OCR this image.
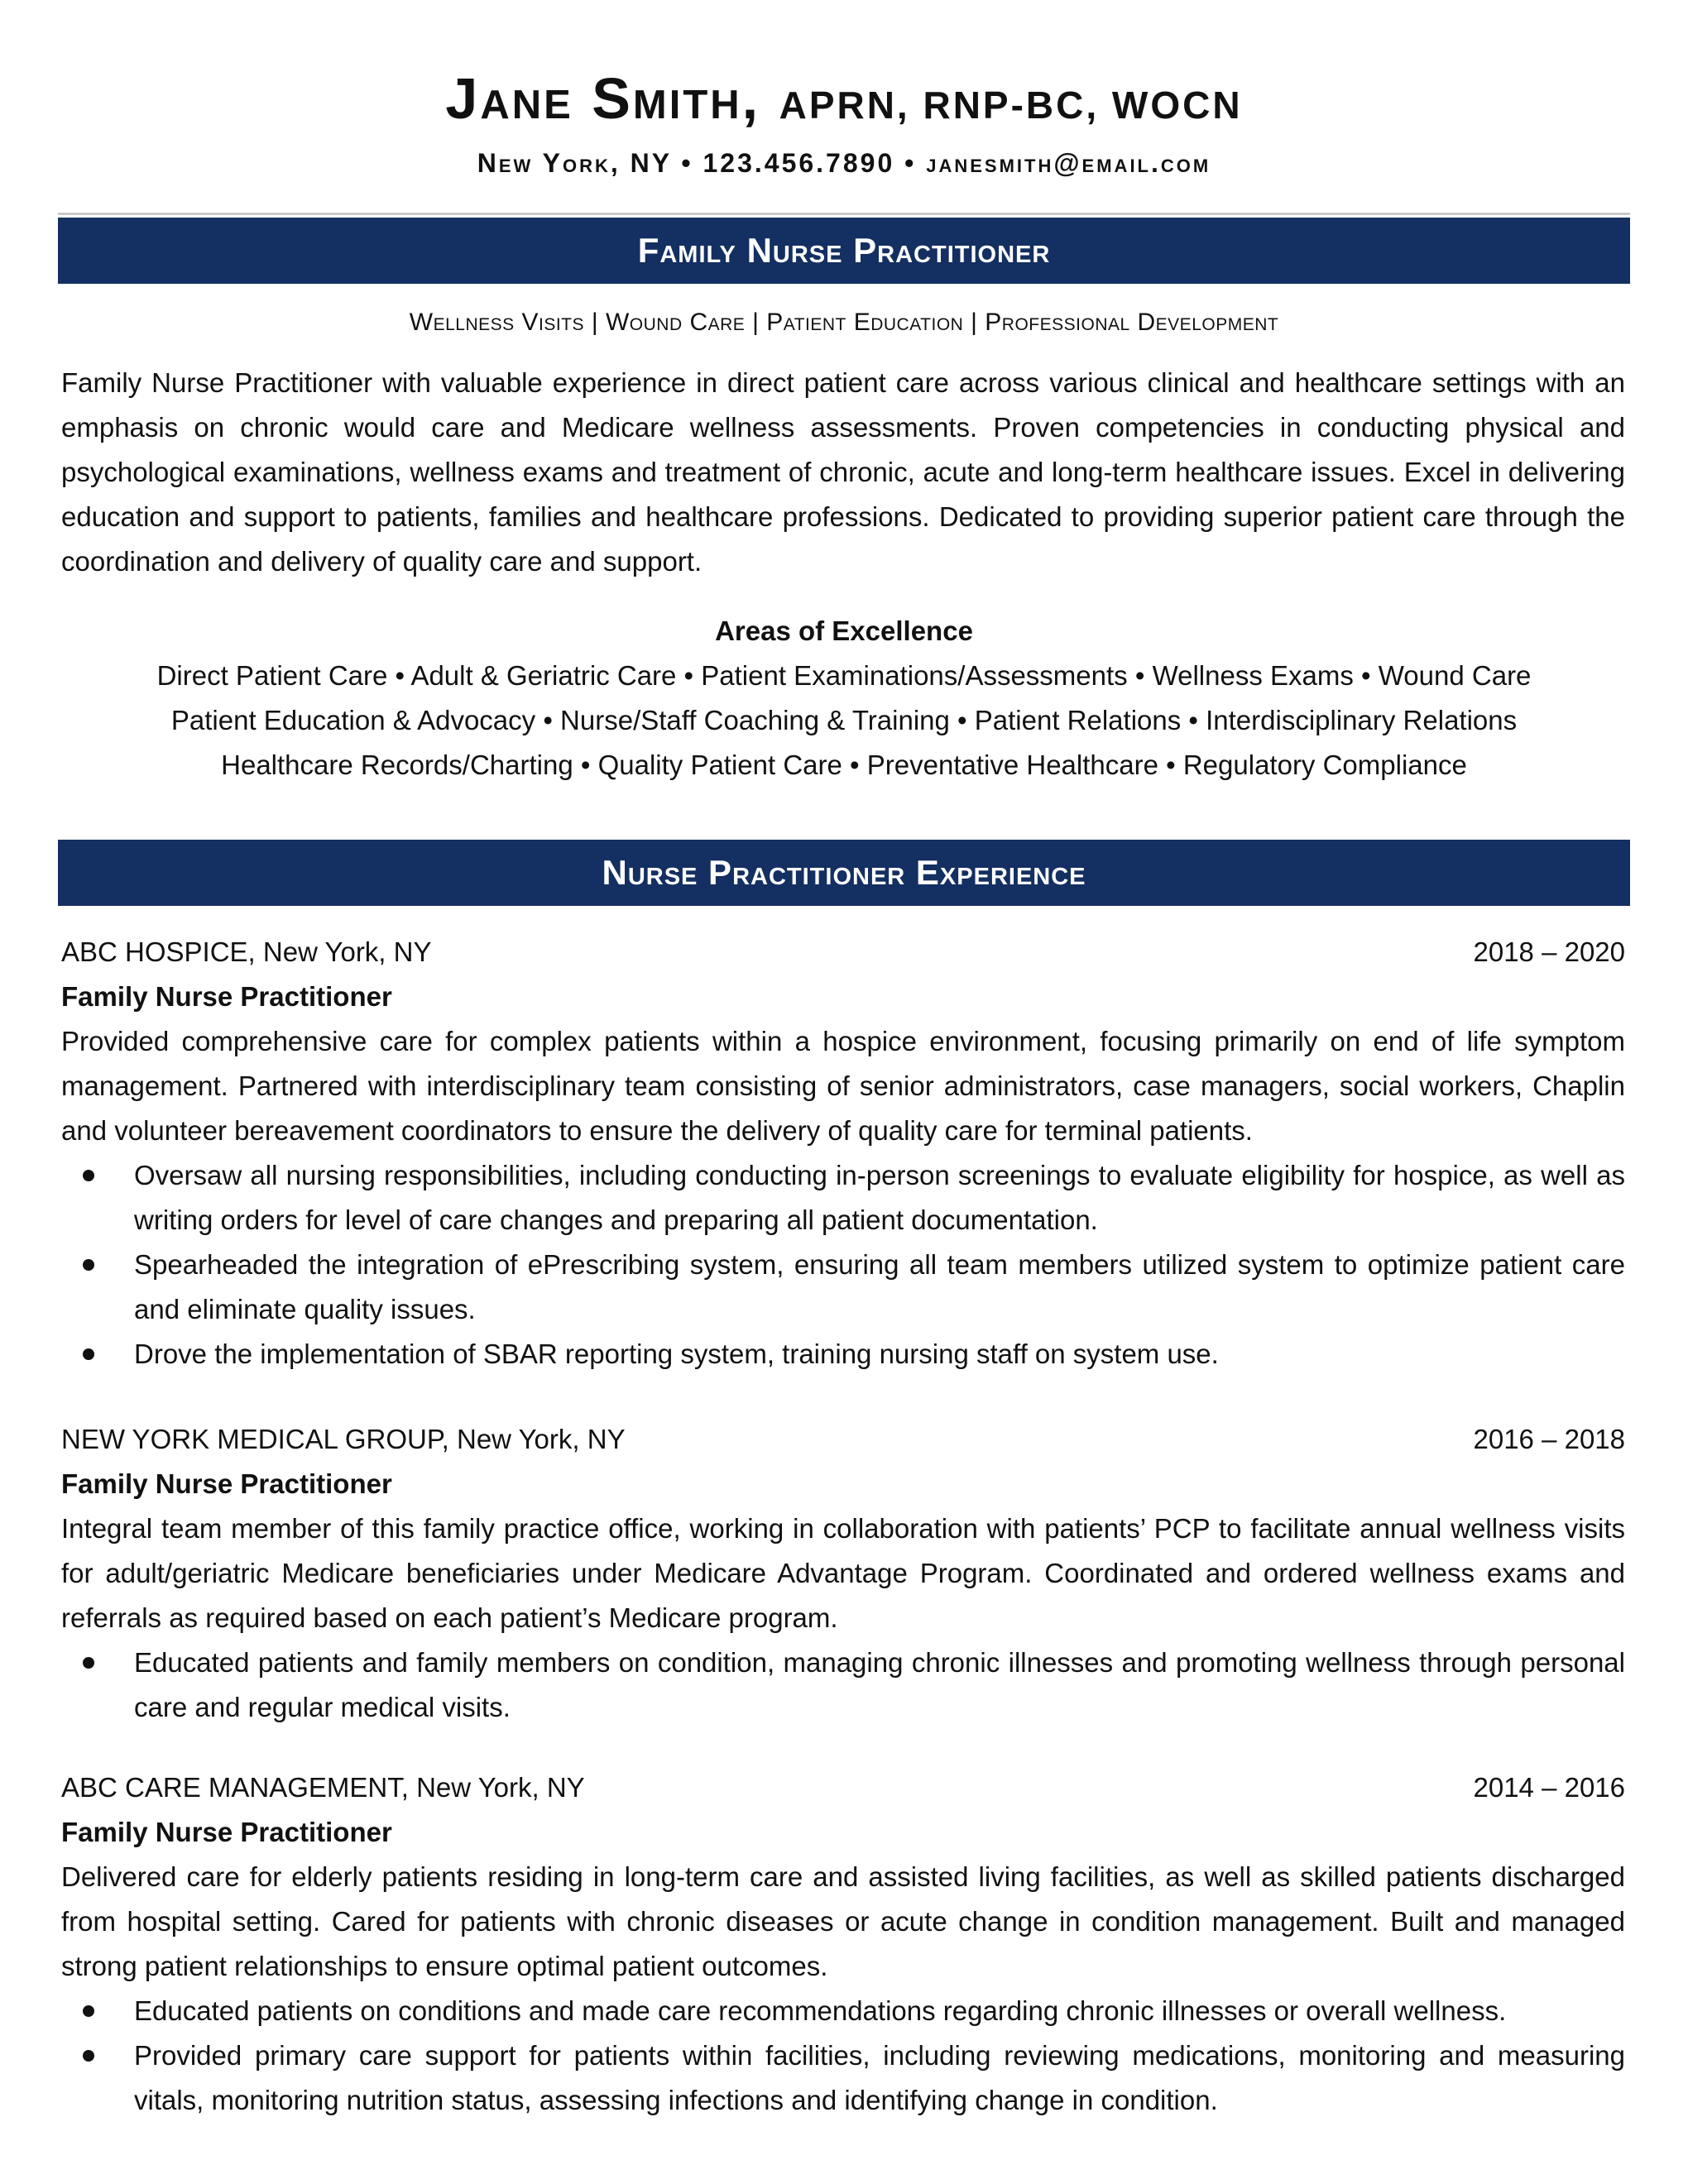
Jane Smith, APRN, RNP-BC, WOCN
New York, NY • 123.456.7890 • janesmith@email.com
Family Nurse Practitioner
Wellness Visits | Wound Care | Patient Education | Professional Development

Family Nurse Practitioner with valuable experience in direct patient care across various clinical and healthcare settings with an emphasis on chronic would care and Medicare wellness assessments. Proven competencies in conducting physical and psychological examinations, wellness exams and treatment of chronic, acute and long-term healthcare issues. Excel in delivering education and support to patients, families and healthcare professions. Dedicated to providing superior patient care through the coordination and delivery of quality care and support.

Areas of Excellence
Direct Patient Care • Adult & Geriatric Care • Patient Examinations/Assessments • Wellness Exams • Wound Care
Patient Education & Advocacy • Nurse/Staff Coaching & Training • Patient Relations • Interdisciplinary Relations
Healthcare Records/Charting • Quality Patient Care • Preventative Healthcare • Regulatory Compliance
Nurse Practitioner Experience
ABC HOSPICE, New York, NY	2018 – 2020
Family Nurse Practitioner

Provided comprehensive care for complex patients within a hospice environment, focusing primarily on end of life symptom management. Partnered with interdisciplinary team consisting of senior administrators, case managers, social workers, Chaplin and volunteer bereavement coordinators to ensure the delivery of quality care for terminal patients.

Oversaw all nursing responsibilities, including conducting in-person screenings to evaluate eligibility for hospice, as well as writing orders for level of care changes and preparing all patient documentation.
Spearheaded the integration of ePrescribing system, ensuring all team members utilized system to optimize patient care and eliminate quality issues.
Drove the implementation of SBAR reporting system, training nursing staff on system use.
NEW YORK MEDICAL GROUP, New York, NY	2016 – 2018
Family Nurse Practitioner

Integral team member of this family practice office, working in collaboration with patients’ PCP to facilitate annual wellness visits for adult/geriatric Medicare beneficiaries under Medicare Advantage Program. Coordinated and ordered wellness exams and referrals as required based on each patient’s Medicare program.

Educated patients and family members on condition, managing chronic illnesses and promoting wellness through personal care and regular medical visits.
ABC CARE MANAGEMENT, New York, NY	2014 – 2016
Family Nurse Practitioner

Delivered care for elderly patients residing in long-term care and assisted living facilities, as well as skilled patients discharged from hospital setting. Cared for patients with chronic diseases or acute change in condition management. Built and managed strong patient relationships to ensure optimal patient outcomes.

Educated patients on conditions and made care recommendations regarding chronic illnesses or overall wellness.
Provided primary care support for patients within facilities, including reviewing medications, monitoring and measuring vitals, monitoring nutrition status, assessing infections and identifying change in condition.
